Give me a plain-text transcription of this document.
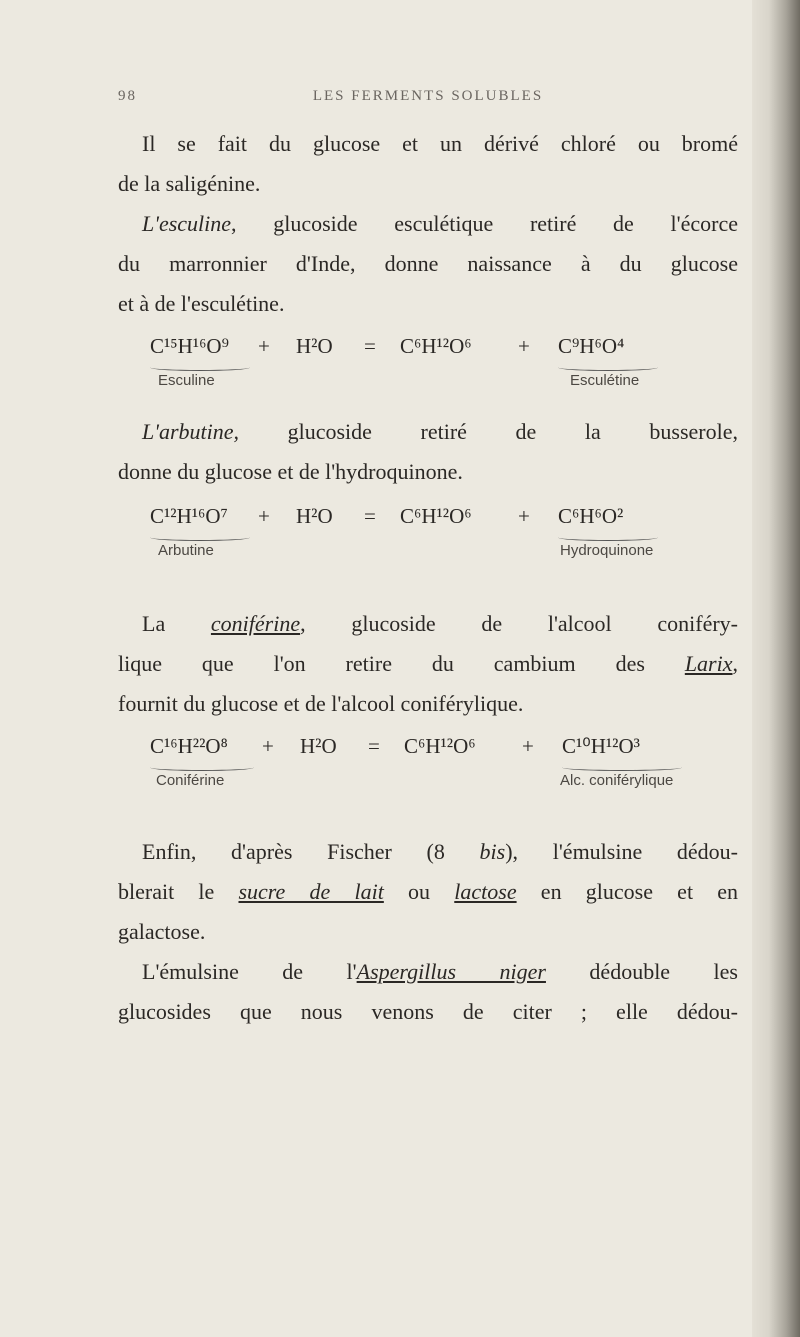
98	LES FERMENTS SOLUBLES

Il se fait du glucose et un dérivé chloré ou bromé

de la saligénine.

L'esculine, glucoside esculétique retiré de l'écorce

du marronnier d'Inde, donne naissance à du glucose

et à de l'esculétine.

C¹⁵H¹⁶O⁹ + H²O = C⁶H¹²O⁶ + C⁹H⁶O⁴
Esculine	Esculétine

L'arbutine, glucoside retiré de la busserole,

donne du glucose et de l'hydroquinone.

C¹²H¹⁶O⁷ + H²O = C⁶H¹²O⁶ + C⁶H⁶O²
Arbutine	Hydroquinone

La coniférine, glucoside de l'alcool coniféry-

lique que l'on retire du cambium des Larix,

fournit du glucose et de l'alcool coniférylique.

C¹⁶H²²O⁸ + H²O = C⁶H¹²O⁶ + C¹⁰H¹²O³
Coniférine	Alc. coniférylique

Enfin, d'après Fischer (8 bis), l'émulsine dédou-

blerait le sucre de lait ou lactose en glucose et en

galactose.

L'émulsine de l'Aspergillus niger dédouble les

glucosides que nous venons de citer ; elle dédou-
